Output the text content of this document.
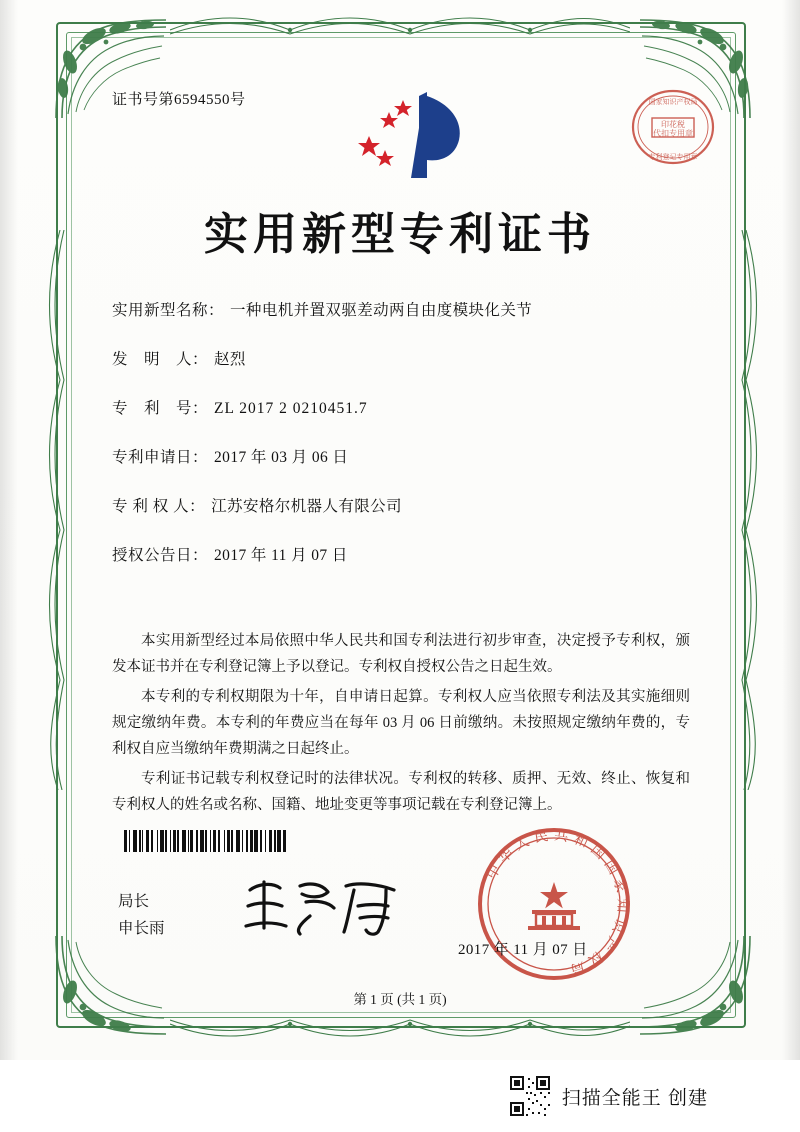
证书号第6594550号
印花税
代扣专用章
国家知识产权局
专利登记专用章
实用新型专利证书
实用新型名称： 一种电机并置双驱差动两自由度模块化关节
发　明　人： 赵烈
专　利　号： ZL 2017 2 0210451.7
专利申请日： 2017 年 03 月 06 日
专 利 权 人： 江苏安格尔机器人有限公司
授权公告日： 2017 年 11 月 07 日

本实用新型经过本局依照中华人民共和国专利法进行初步审查，决定授予专利权，颁发本证书并在专利登记簿上予以登记。专利权自授权公告之日起生效。

本专利的专利权期限为十年，自申请日起算。专利权人应当依照专利法及其实施细则规定缴纳年费。本专利的年费应当在每年 03 月 06 日前缴纳。未按照规定缴纳年费的，专利权自应当缴纳年费期满之日起终止。

专利证书记载专利权登记时的法律状况。专利权的转移、质押、无效、终止、恢复和专利权人的姓名或名称、国籍、地址变更等事项记载在专利登记簿上。

局长
申长雨
中华人民共和国国家知识产权局
2017 年 11 月 07 日
第 1 页 (共 1 页)
扫描全能王 创建
